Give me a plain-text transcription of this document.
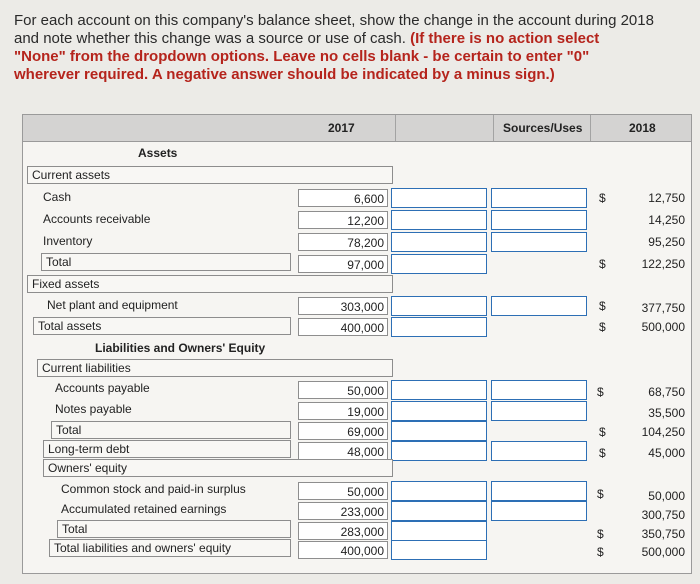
For each account on this company's balance sheet, show the change in the account during 2018 and note whether this change was a source or use of cash. (If there is no action select "None" from the dropdown options. Leave no cells blank - be certain to enter "0" wherever required. A negative answer should be indicated by a minus sign.)
2017	Sources/Uses	2018
Assets
Current assets
Cash	6,600	$	12,750
Accounts receivable	12,200	14,250
Inventory	78,200	95,250
Total	97,000	$	122,250
Fixed assets
Net plant and equipment	303,000	$	377,750
Total assets	400,000	$	500,000
Liabilities and Owners' Equity
Current liabilities
Accounts payable	50,000	$	68,750
Notes payable	19,000	35,500
Total	69,000	$	104,250
Long-term debt	48,000	$	45,000
Owners' equity
Common stock and paid-in surplus	50,000	$	50,000
Accumulated retained earnings	233,000	300,750
Total	283,000	$	350,750
Total liabilities and owners' equity	400,000	$	500,000
